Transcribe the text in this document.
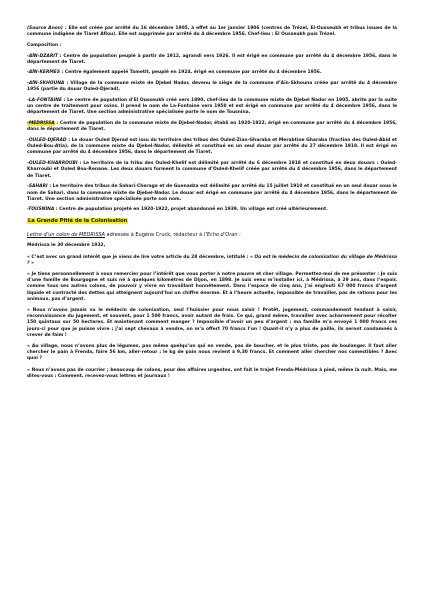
(Source Anon) : Elle est créée par arrêté du 16 décembre 1905, à effet au 1er janvier 1906 (centres de Trézel, El-Ousseukh et tribus issues de la commune indigène de Tiaret Aflou). Elle est supprimée par arrêté du 4 décembre 1956. Chef-lieu : El Ousseukh puis Trézel.

Composition :

-AÏN-DZARIT : Centre de population peuplé à partir de 1912, agrandi vers 1926. Il est érigé en commune par arrêté du 4 décembre 1956, dans le département de Tiaret.

-AÏN-KERMES : Centre également appelé Tametit, peuplé en 1924, érigé en commune par arrêté du 4 décembre 1956.

-AÏN-SKHOUNA : Village de la commune mixte de Djebel Nador, devenu le siège de la commune d’Aïn-Skhouna créée par arrêté du 4 décembre 1956 (partie du douar Ouled-Djerad).

-LA-FONTAINE : Le centre de population d’El Ousseukh créé vers 1890, chef-lieu de la commune mixte de Djebel Nador en 1905, abrite par la suite un centre de traitement pour ovins. Il prend le nom de La-Fontaine vers 1950 et est érigé en commune par arrêté du 4 décembre 1956, dans le département de Tiaret. Une section administrative spécialisée porte le nom de Tousnina.

-MEDRISSA : Centre de population de la commune mixte de Djebel-Nador, établi en 1920-1922, érigé en commune par arrêté du 4 décembre 1956, dans le département de Tiaret.

-OULED-DJERAD : Le douar Ouled Djerad est issu du territoire des tribus des Ouled-Zian-Gharaba et Merabtine Gharaba (fraction des Ouled-Abid et Ouled-Bou-Atia), de la commune mixte du Djebel-Nador, délimité et constitué en un seul douar par arrêté du 27 décembre 1918. Il est érigé en commune par arrêté du 4 décembre 1956, dans le département de Tiaret.

-OULED-KHARROUBI : Le territoire de la tribu des Ouled-Khelif est délimité par arrêté du 6 décembre 1918 et constitué en deux douars : Ouled- Kharroubi et Ouled Bou-Renane. Les deux douars forment la commune d’Ouled-Khelif créée par arrêté du 4 décembre 1956, dans le département de Tiaret.

-SAHARI : Le territoire des tribus de Sahari-Cheraga et de Guenadza est délimité par arrêté du 15 juillet 1910 et constitué en un seul douar sous le nom de Sahari, dans la commune mixte de Djebel-Nador. Le douar est érigé en commune par arrêté du 4 décembre 1956, dans le département de Tiaret. Une section administrative spécialisée porte son nom.

-TOUSNINA : Centre de population projeté en 1920-1922, projet abandonné en 1939. Un village est créé ultérieurement.

La Grande Pitié de la Colonisation

Lettre d’un colon de MEDRISSA adressée à Eugène Cruck, rédacteur à l’Echo d’Oran :

Médrissa le 30 décembre 1932,

« C’est avec un grand intérêt que je viens de lire votre article du 28 décembre, intitulé : « Où est le médecin de colonisation du village de Médrissa ? »

« Je tiens personnellement à vous remercier pour l’intérêt que vous porter à notre pauvre et cher village. Permettez-moi de me présenter : Je suis d’une famille de Bourgogne et suis né à quelques kilomètres de Dijon, en 1898. Je suis venu m’installer ici, à Médrissa, à 29 ans, dans l’espoir, comme tous ses autres colons, de pouvoir y vivre en travaillant honnêtement. Dans l’espace de cinq ans, j’ai englouti 67 000 francs d’argent liquide et contracté des dettes qui atteignent aujourd’hui un chiffre énorme. Et à l’heure actuelle, impossible de travailler, pas de rations pour les animaux, pas d’argent.

« Nous n’avons jamais vu le médecin de colonisation, seul l’huissier pour nous saisir ! Protêt, jugement, commandement tendant à saisir, reconnaissance du jugement, et souvent, pour 1 500 francs, avoir autant de frais. Ce qui, grand même, travailler avec acharnement pour récolter 150 quintaux sur 50 hectares. Et maintenant comment manger ? Impossible d’avoir un peu d’argent ; ma famille m’a envoyé 1 000 francs ces jours-ci pour que je puisse vivre ; j’ai sept chevaux à vendre, on m’a offert 70 francs l’un ! Quant-il n’y a plus de paille, ils seront condamnés à crever de faim !

« Au village, nous n’avons plus de légumes, pas même quelqu’un qui en vende, pas de boucher, et le plus triste, pas de boulanger. Il faut aller chercher le pain à Frenda, faire 56 km, aller-retour ; le kg de pain nous revient à 9,30 francs. Et comment aller chercher nos comestibles ? Avec quoi ?

« Nous n’avons pas de courrier ; beaucoup de colons, pour des affaires urgentes, ont fait le trajet Frenda-Médrissa à pied, même la nuit. Mais, me dites-vous : Comment, recevez-vous lettres et journaux !
